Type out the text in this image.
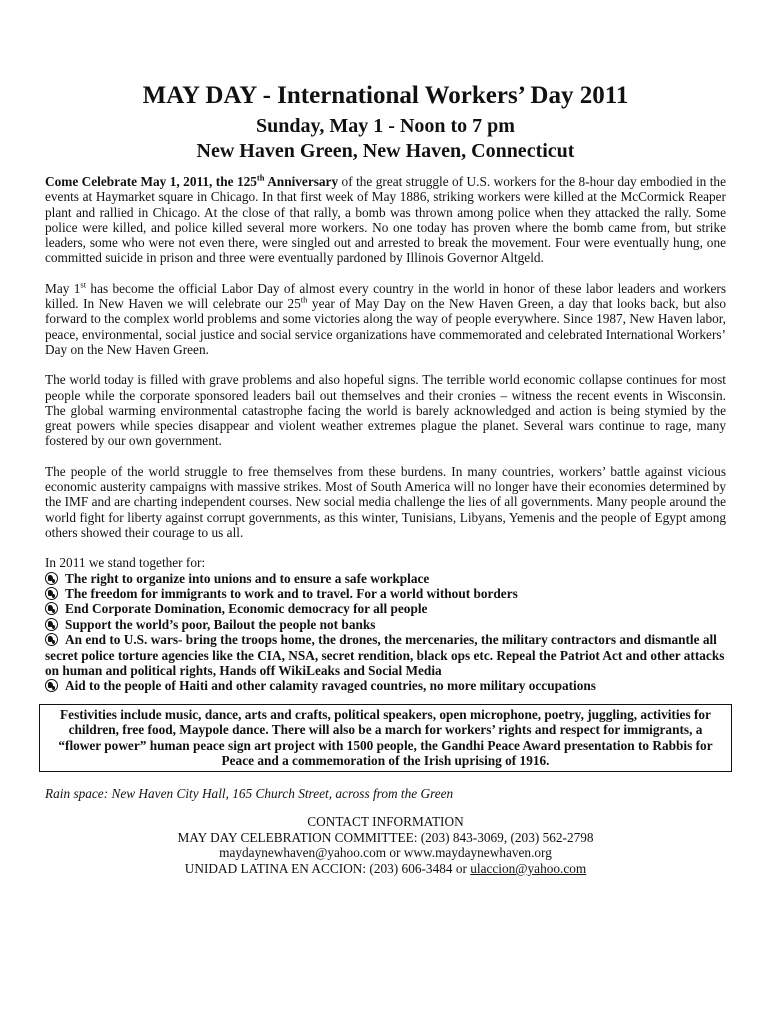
MAY DAY - International Workers’ Day 2011
Sunday, May 1 - Noon to 7 pm
New Haven Green, New Haven, Connecticut

Come Celebrate May 1, 2011, the 125th Anniversary of the great struggle of U.S. workers for the 8-hour day embodied in the events at Haymarket square in Chicago. In that first week of May 1886, striking workers were killed at the McCormick Reaper plant and rallied in Chicago. At the close of that rally, a bomb was thrown among police when they attacked the rally. Some police were killed, and police killed several more workers. No one today has proven where the bomb came from, but strike leaders, some who were not even there, were singled out and arrested to break the movement. Four were eventually hung, one committed suicide in prison and three were eventually pardoned by Illinois Governor Altgeld.

May 1st has become the official Labor Day of almost every country in the world in honor of these labor leaders and workers killed. In New Haven we will celebrate our 25th year of May Day on the New Haven Green, a day that looks back, but also forward to the complex world problems and some victories along the way of people everywhere. Since 1987, New Haven labor, peace, environmental, social justice and social service organizations have commemorated and celebrated International Workers’ Day on the New Haven Green.

The world today is filled with grave problems and also hopeful signs. The terrible world economic collapse continues for most people while the corporate sponsored leaders bail out themselves and their cronies – witness the recent events in Wisconsin. The global warming environmental catastrophe facing the world is barely acknowledged and action is being stymied by the great powers while species disappear and violent weather extremes plague the planet. Several wars continue to rage, many fostered by our own government.

The people of the world struggle to free themselves from these burdens. In many countries, workers’ battle against vicious economic austerity campaigns with massive strikes. Most of South America will no longer have their economies determined by the IMF and are charting independent courses. New social media challenge the lies of all governments. Many people around the world fight for liberty against corrupt governments, as this winter, Tunisians, Libyans, Yemenis and the people of Egypt among others showed their courage to us all.

In 2011 we stand together for:
The right to organize into unions and to ensure a safe workplace
The freedom for immigrants to work and to travel. For a world without borders
End Corporate Domination, Economic democracy for all people
Support the world’s poor, Bailout the people not banks
An end to U.S. wars- bring the troops home, the drones, the mercenaries, the military contractors and dismantle all secret police torture agencies like the CIA, NSA, secret rendition, black ops etc. Repeal the Patriot Act and other attacks on human and political rights, Hands off WikiLeaks and Social Media
Aid to the people of Haiti and other calamity ravaged countries, no more military occupations
Festivities include music, dance, arts and crafts, political speakers, open microphone, poetry, juggling, activities for children, free food, Maypole dance. There will also be a march for workers’ rights and respect for immigrants, a “flower power” human peace sign art project with 1500 people, the Gandhi Peace Award presentation to Rabbis for Peace and a commemoration of the Irish uprising of 1916.

Rain space: New Haven City Hall, 165 Church Street, across from the Green

CONTACT INFORMATION
MAY DAY CELEBRATION COMMITTEE: (203) 843-3069, (203) 562-2798
maydaynewhaven@yahoo.com or www.maydaynewhaven.org
UNIDAD LATINA EN ACCION: (203) 606-3484 or ulaccion@yahoo.com
